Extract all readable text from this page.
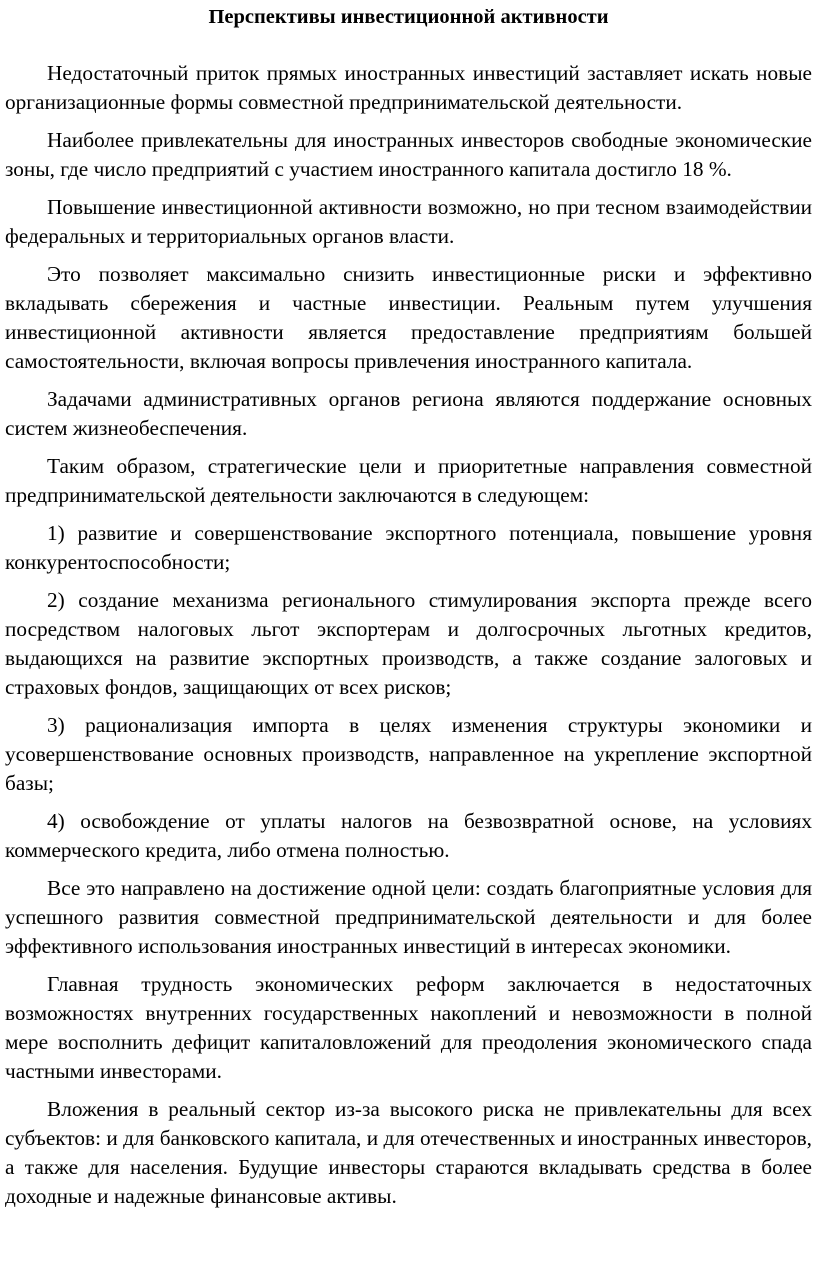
Перспективы инвестиционной активности

Недостаточный приток прямых иностранных инвестиций заставляет искать новые организационные формы совместной предпринимательской деятельности.

Наиболее привлекательны для иностранных инвесторов свободные экономические зоны, где число предприятий с участием иностранного капитала достигло 18 %.

Повышение инвестиционной активности возможно, но при тесном взаимодействии федеральных и территориальных органов власти.

Это позволяет максимально снизить инвестиционные риски и эффективно вкладывать сбережения и частные инвестиции. Реальным путем улучшения инвестиционной активности является предоставление предприятиям большей самостоятельности, включая вопросы привлечения иностранного капитала.

Задачами административных органов региона являются поддержание основных систем жизнеобеспечения.

Таким образом, стратегические цели и приоритетные направления совместной предпринимательской деятельности заключаются в следующем:

1) развитие и совершенствование экспортного потенциала, повышение уровня конкурентоспособности;

2) создание механизма регионального стимулирования экспорта прежде всего посредством налоговых льгот экспортерам и долгосрочных льготных кредитов, выдающихся на развитие экспортных производств, а также создание залоговых и страховых фондов, защищающих от всех рисков;

3) рационализация импорта в целях изменения структуры экономики и усовершенствование основных производств, направленное на укрепление экспортной базы;

4) освобождение от уплаты налогов на безвозвратной основе, на условиях коммерческого кредита, либо отмена полностью.

Все это направлено на достижение одной цели: создать благоприятные условия для успешного развития совместной предпринимательской деятельности и для более эффективного использования иностранных инвестиций в интересах экономики.

Главная трудность экономических реформ заключается в недостаточных возможностях внутренних государственных накоплений и невозможности в полной мере восполнить дефицит капиталовложений для преодоления экономического спада частными инвесторами.

Вложения в реальный сектор из-за высокого риска не привлекательны для всех субъектов: и для банковского капитала, и для отечественных и иностранных инвесторов, а также для населения. Будущие инвесторы стараются вкладывать средства в более доходные и надежные финансовые активы.
